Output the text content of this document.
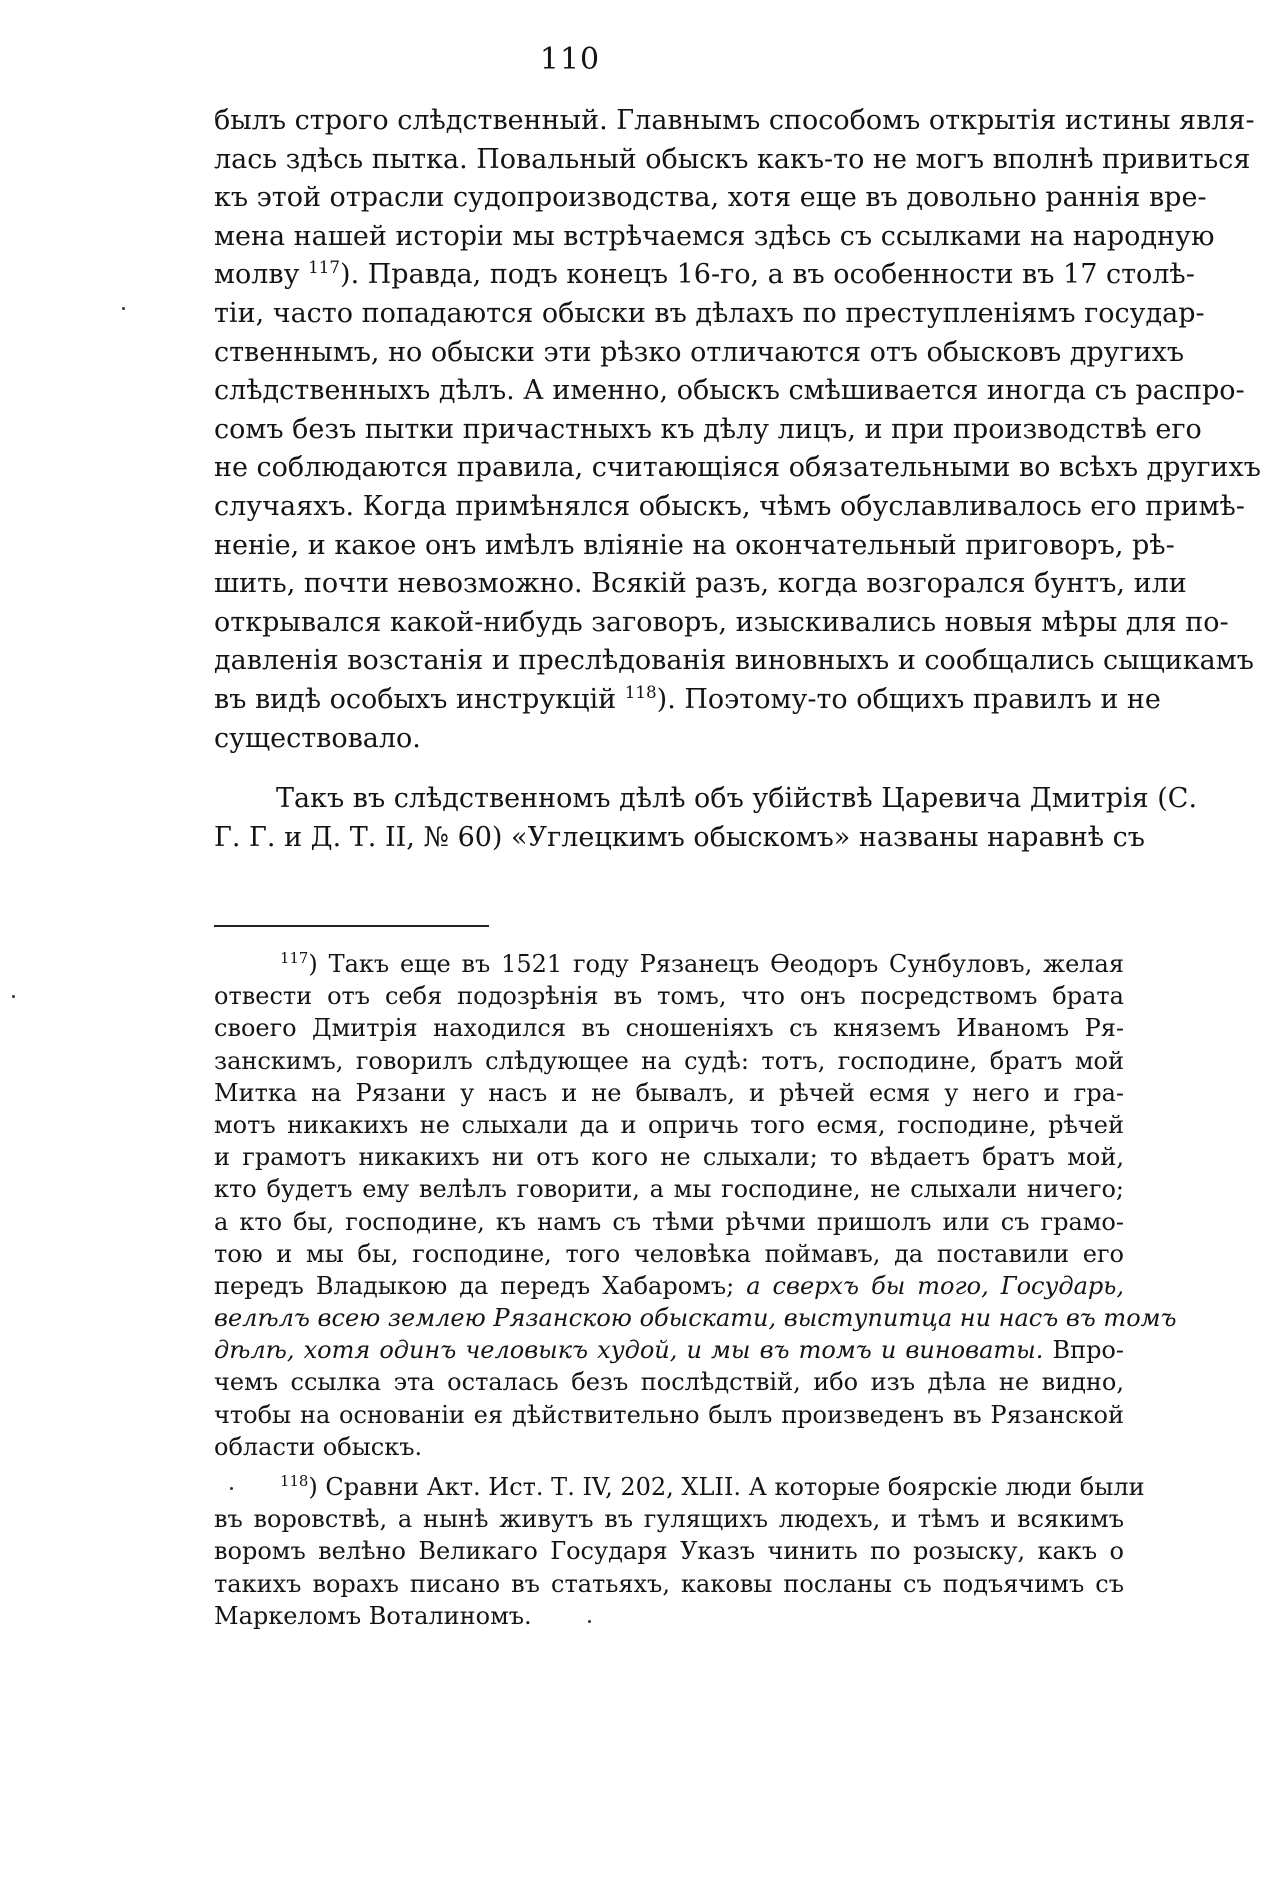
110
былъ строго слѣдственный. Главнымъ способомъ открытія истины явля-
лась здѣсь пытка. Повальный обыскъ какъ-то не могъ вполнѣ привиться
къ этой отрасли судопроизводства, хотя еще въ довольно раннія вре-
мена нашей исторіи мы встрѣчаемся здѣсь съ ссылками на народную
молву $^{117}$). Правда, подъ конецъ 16-го, а въ особенности въ 17 столѣ-
тіи, часто попадаются обыски въ дѣлахъ по преступленіямъ государ-
ственнымъ, но обыски эти рѣзко отличаются отъ обысковъ другихъ
слѣдственныхъ дѣлъ. А именно, обыскъ смѣшивается иногда съ распро-
сомъ безъ пытки причастныхъ къ дѣлу лицъ, и при производствѣ его
не соблюдаются правила, считающіяся обязательными во всѣхъ другихъ
случаяхъ. Когда примѣнялся обыскъ, чѣмъ обуславливалось его примѣ-
неніе, и какое онъ имѣлъ вліяніе на окончательный приговоръ, рѣ-
шить, почти невозможно. Всякій разъ, когда возгорался бунтъ, или
открывался какой-нибудь заговоръ, изыскивались новыя мѣры для по-
давленія возстанія и преслѣдованія виновныхъ и сообщались сыщикамъ
въ видѣ особыхъ инструкцій $^{118}$). Поэтому-то общихъ правилъ и не
существовало.
Такъ въ слѣдственномъ дѣлѣ объ убійствѣ Царевича Дмитрія (С.
Г. Г. и Д. Т. II, № 60) «Углецкимъ обыскомъ» названы наравнѣ съ
$^{117}$) Такъ еще въ 1521 году Рязанецъ Ѳеодоръ Сунбуловъ, желая
отвести отъ себя подозрѣнія въ томъ, что онъ посредствомъ брата
своего Дмитрія находился въ сношеніяхъ съ княземъ Иваномъ Ря-
занскимъ, говорилъ слѣдующее на судѣ: тотъ, господине, братъ мой
Митка на Рязани у насъ и не бывалъ, и рѣчей есмя у него и гра-
мотъ никакихъ не слыхали да и опричь того есмя, господине, рѣчей
и грамотъ никакихъ ни отъ кого не слыхали; то вѣдаетъ братъ мой,
кто будетъ ему велѣлъ говорити, а мы господине, не слыхали ничего;
а кто бы, господине, къ намъ съ тѣми рѣчми пришолъ или съ грамо-
тою и мы бы, господине, того человѣка поймавъ, да поставили его
передъ Владыкою да передъ Хабаромъ; а сверхъ бы того, Государь,
велѣлъ всею землею Рязанскою обыскати, выступитца ни насъ въ томъ
дѣлѣ, хотя одинъ человыкъ худой, и мы въ томъ и виноваты. Впро-
чемъ ссылка эта осталась безъ послѣдствій, ибо изъ дѣла не видно,
чтобы на основаніи ея дѣйствительно былъ произведенъ въ Рязанской
области обыскъ.
$^{118}$) Сравни Акт. Ист. Т. IV, 202, XLII. А которые боярскіе люди были
въ воровствѣ, а нынѣ живутъ въ гулящихъ людехъ, и тѣмъ и всякимъ
воромъ велѣно Великаго Государя Указъ чинить по розыску, какъ о
такихъ ворахъ писано въ статьяхъ, каковы посланы съ подъячимъ съ
Маркеломъ Воталиномъ.
